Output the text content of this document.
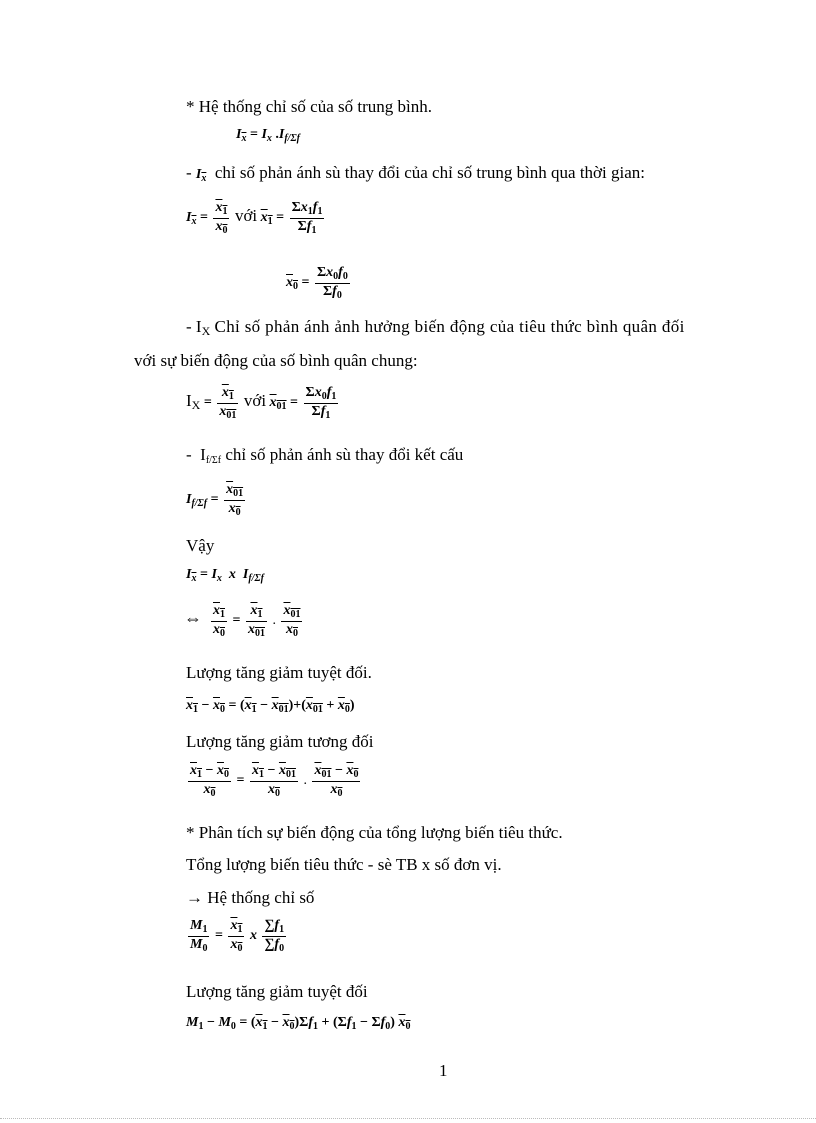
* Hệ thống chỉ số của số trung bình.
$I_{\overline{x}} = I_x$ $.I_{f/\Sigma f}$
- $I_{\overline{x}}$ chỉ số phản ánh sù thay đổi của chỉ số trung bình qua thời gian:
$I_{\overline{x}} = \frac{x_1}{x_0}$ với $x_1 = \frac{\Sigma x_1f_1}{\Sigma f_1}$
$x_0 = \frac{\Sigma x_0f_0}{\Sigma f_0}$
- $I_X$ Chỉ số phản ánh ảnh hưởng biến động của tiêu thức bình quân đối
với sự biến động của số bình quân chung:
$I_X = \frac{x_1}{x_{01}}$ với $x_{01} = \frac{\Sigma x_0f_1}{\Sigma f_1}$
-  $I_{f/\Sigma f}$ chỉ số phản ánh sù thay đổi kết cấu
$I_{f/\Sigma f} = \frac{x_{01}}{x_0}$
Vậy
$I_{\overline{x}} = I_x$ x $I_{f/\Sigma f}$
⇔ $\frac{x_1}{x_0} = \frac{x_1}{x_{01}}$ . $\frac{x_{01}}{x_0}$
Lượng tăng giảm tuyệt đối.
$x_1 - x_0 = (x_1 - x_{01})+(x_{01} + x_0)$
Lượng tăng giảm tương đối
$\frac{x_1 - x_0}{x_0} = \frac{x_1 - x_{01}}{x_0}$ . $\frac{x_{01} - x_0}{x_0}$
* Phân tích sự biến động của tổng lượng biến tiêu thức.
Tổng lượng biến tiêu thức - sè TB x số đơn vị.
→ Hệ thống chỉ số
$\frac{M_1}{M_0} = \frac{x_1}{x_0}$ x $\frac{\sum f_1}{\sum f_0}$
Lượng tăng giảm tuyệt đối
$M_1 - M_0 = (x_1 - x_0)\Sigma f_1 + (\Sigma f_1 - \Sigma f_0)$ $x_0$
1
